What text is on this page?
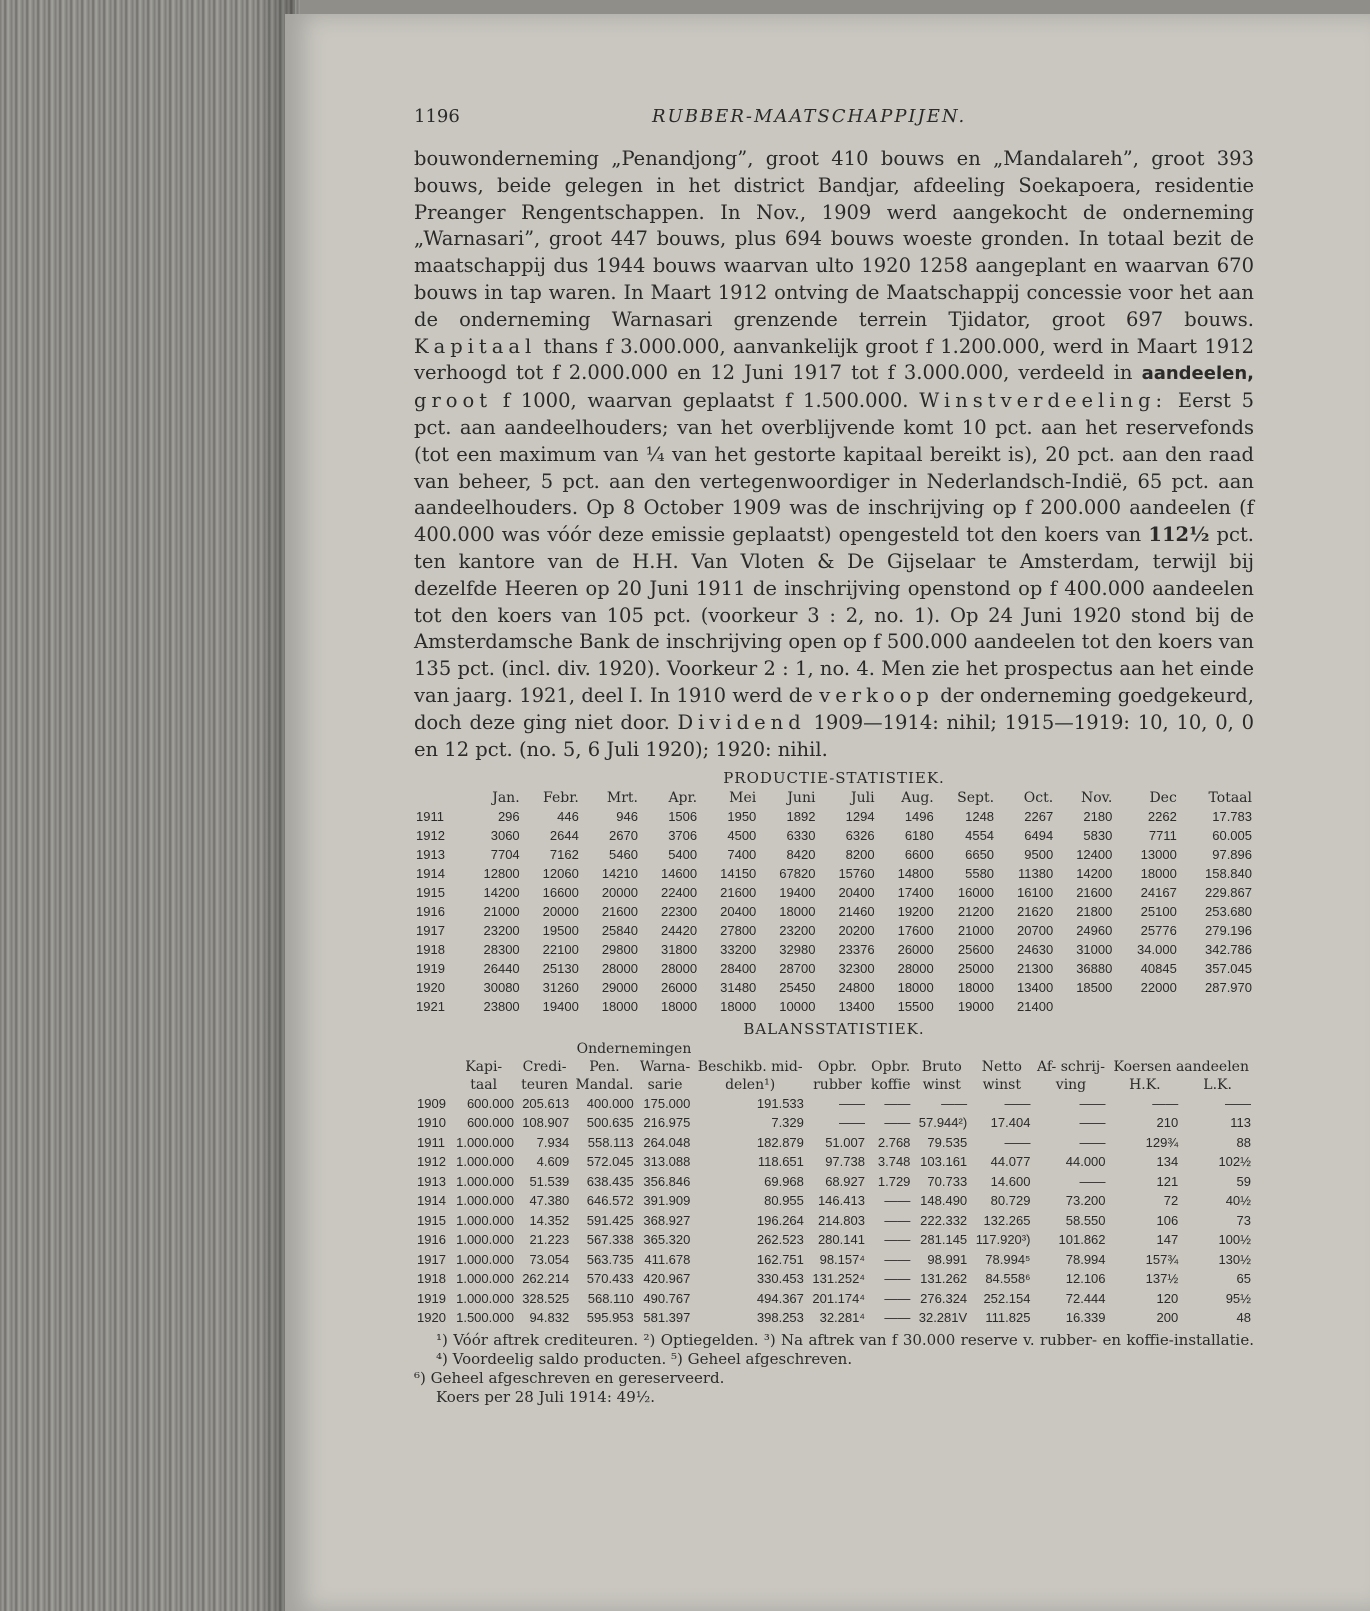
1196	RUBBER-MAATSCHAPPIJEN.

bouwonderneming „Penandjong”, groot 410 bouws en „Mandalareh”, groot 393 bouws, beide gelegen in het district Bandjar, afdeeling Soekapoera, residentie Preanger Rengentschappen. In Nov., 1909 werd aangekocht de onderneming „Warnasari”, groot 447 bouws, plus 694 bouws woeste gronden. In totaal bezit de maatschappij dus 1944 bouws waarvan ulto 1920 1258 aangeplant en waarvan 670 bouws in tap waren. In Maart 1912 ontving de Maatschappij concessie voor het aan de onderneming Warnasari grenzende terrein Tjidator, groot 697 bouws. Kapitaal thans f 3.000.000, aanvankelijk groot f 1.200.000, werd in Maart 1912 verhoogd tot f 2.000.000 en 12 Juni 1917 tot f 3.000.000, verdeeld in aandeelen, groot f 1000, waarvan geplaatst f 1.500.000. Winstverdeeling: Eerst 5 pct. aan aandeelhouders; van het overblijvende komt 10 pct. aan het reservefonds (tot een maximum van ¼ van het gestorte kapitaal bereikt is), 20 pct. aan den raad van beheer, 5 pct. aan den vertegenwoordiger in Nederlandsch-Indië, 65 pct. aan aandeelhouders. Op 8 October 1909 was de inschrijving op f 200.000 aandeelen (f 400.000 was vóór deze emissie geplaatst) opengesteld tot den koers van 112½ pct. ten kantore van de H.H. Van Vloten & De Gijselaar te Amsterdam, terwijl bij dezelfde Heeren op 20 Juni 1911 de inschrijving openstond op f 400.000 aandeelen tot den koers van 105 pct. (voorkeur 3 : 2, no. 1). Op 24 Juni 1920 stond bij de Amsterdamsche Bank de inschrijving open op f 500.000 aandeelen tot den koers van 135 pct. (incl. div. 1920). Voorkeur 2 : 1, no. 4. Men zie het prospectus aan het einde van jaarg. 1921, deel I. In 1910 werd de verkoop der onderneming goedgekeurd, doch deze ging niet door. Dividend 1909—1914: nihil; 1915—1919: 10, 10, 0, 0 en 12 pct. (no. 5, 6 Juli 1920); 1920: nihil.

PRODUCTIE-STATISTIEK.
	Jan.	Febr.	Mrt.	Apr.	Mei	Juni	Juli	Aug.	Sept.	Oct.	Nov.	Dec	Totaal
1911	296	446	946	1506	1950	1892	1294	1496	1248	2267	2180	2262	17.783
1912	3060	2644	2670	3706	4500	6330	6326	6180	4554	6494	5830	7711	60.005
1913	7704	7162	5460	5400	7400	8420	8200	6600	6650	9500	12400	13000	97.896
1914	12800	12060	14210	14600	14150	67820	15760	14800	5580	11380	14200	18000	158.840
1915	14200	16600	20000	22400	21600	19400	20400	17400	16000	16100	21600	24167	229.867
1916	21000	20000	21600	22300	20400	18000	21460	19200	21200	21620	21800	25100	253.680
1917	23200	19500	25840	24420	27800	23200	20200	17600	21000	20700	24960	25776	279.196
1918	28300	22100	29800	31800	33200	32980	23376	26000	25600	24630	31000	34.000	342.786
1919	26440	25130	28000	28000	28400	28700	32300	28000	25000	21300	36880	40845	357.045
1920	30080	31260	29000	26000	31480	25450	24800	18000	18000	13400	18500	22000	287.970
1921	23800	19400	18000	18000	18000	10000	13400	15500	19000	21400			
BALANSSTATISTIEK.
		Ondernemingen										
	Kapi-	Credi-	Pen.	Warna-	Beschikb. mid-	Opbr.	Opbr.	Bruto	Netto	Af- schrij-	Koersen aandeelen	
	taal	teuren	Mandal.	sarie	delen¹)	rubber	koffie	winst	winst	ving	H.K.	L.K.
1909	600.000	205.613	400.000	175.000	191.533	——	——	——	——	——	——	——
1910	600.000	108.907	500.635	216.975	7.329	——	——	57.944²)	17.404	——	210	113
1911	1.000.000	7.934	558.113	264.048	182.879	51.007	2.768	79.535	——	——	129¾	88
1912	1.000.000	4.609	572.045	313.088	118.651	97.738	3.748	103.161	44.077	44.000	134	102½
1913	1.000.000	51.539	638.435	356.846	69.968	68.927	1.729	70.733	14.600	——	121	59
1914	1.000.000	47.380	646.572	391.909	80.955	146.413	——	148.490	80.729	73.200	72	40½
1915	1.000.000	14.352	591.425	368.927	196.264	214.803	——	222.332	132.265	58.550	106	73
1916	1.000.000	21.223	567.338	365.320	262.523	280.141	——	281.145	117.920³)	101.862	147	100½
1917	1.000.000	73.054	563.735	411.678	162.751	98.157⁴	——	98.991	78.994⁵	78.994	157¾	130½
1918	1.000.000	262.214	570.433	420.967	330.453	131.252⁴	——	131.262	84.558⁶	12.106	137½	65
1919	1.000.000	328.525	568.110	490.767	494.367	201.174⁴	——	276.324	252.154	72.444	120	95½
1920	1.500.000	94.832	595.953	581.397	398.253	32.281⁴	——	32.281V	111.825	16.339	200	48

¹) Vóór aftrek crediteuren. ²) Optiegelden. ³) Na aftrek van f 30.000 reserve v. rubber- en koffie-installatie. ⁴) Voordeelig saldo producten. ⁵) Geheel afgeschreven.

⁶) Geheel afgeschreven en gereserveerd.

Koers per 28 Juli 1914: 49½.
